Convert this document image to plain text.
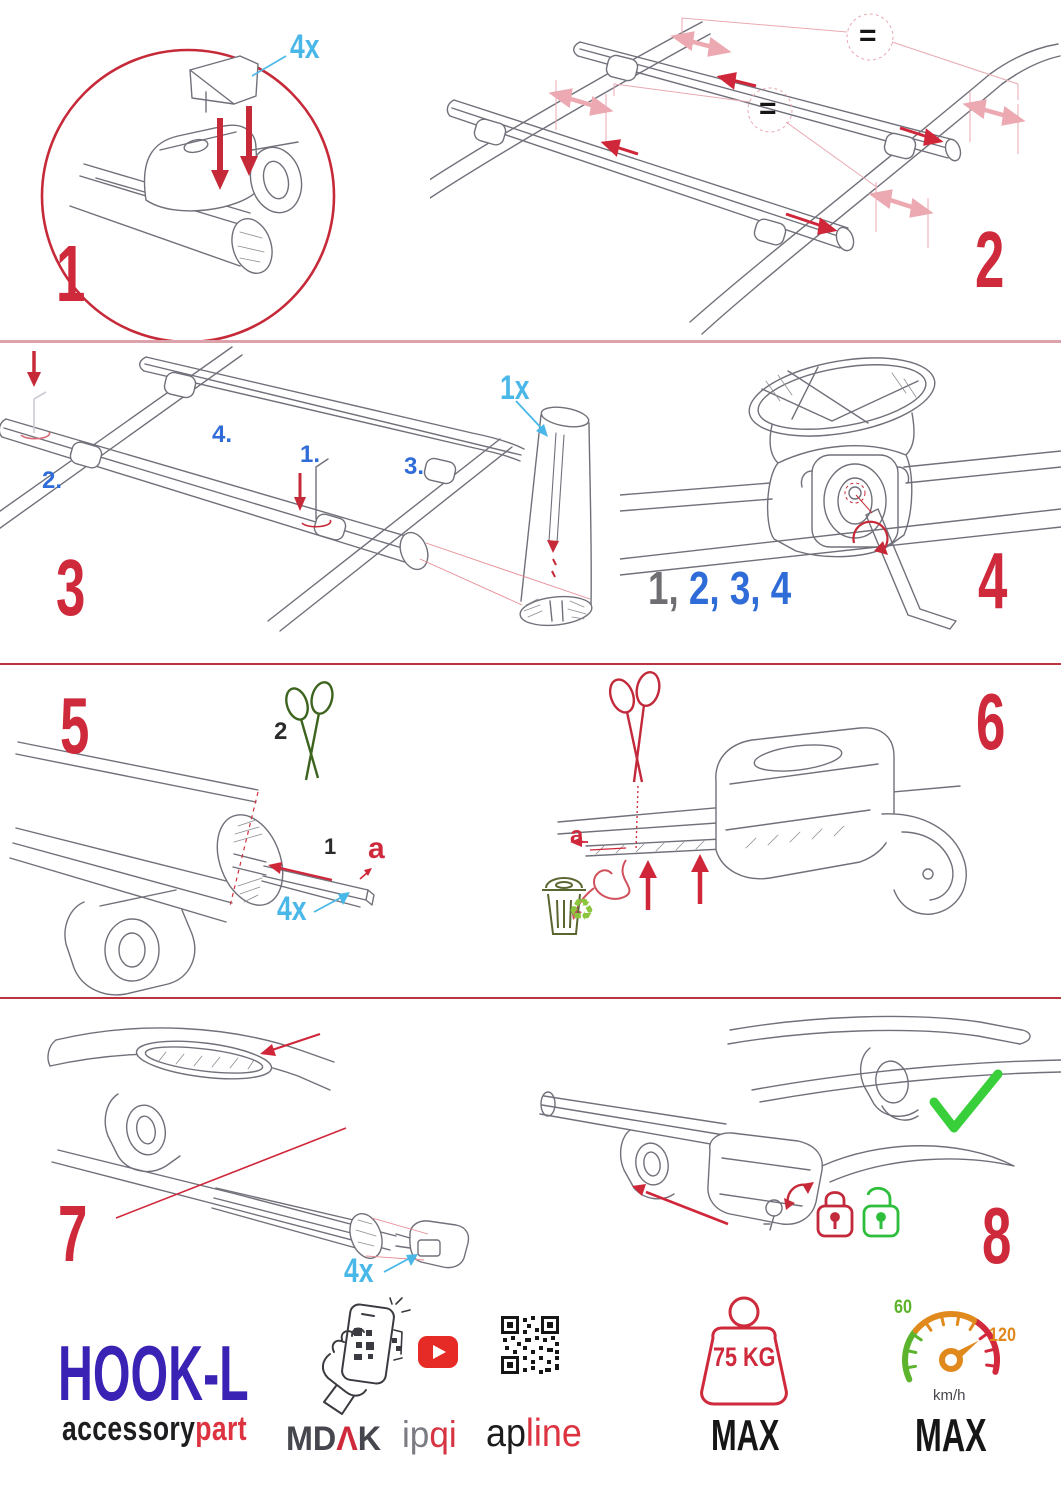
4x
1
=
=
2
2.
4.
1.	3.
1x
3	1, 2, 3, 4 4
5	2
1 a
4x
a
♻
6
7	4x	8
HOOK-L
accessorypart MDΛK ipqi apline
75 KG
MAX
60
120
km/h
MAX
